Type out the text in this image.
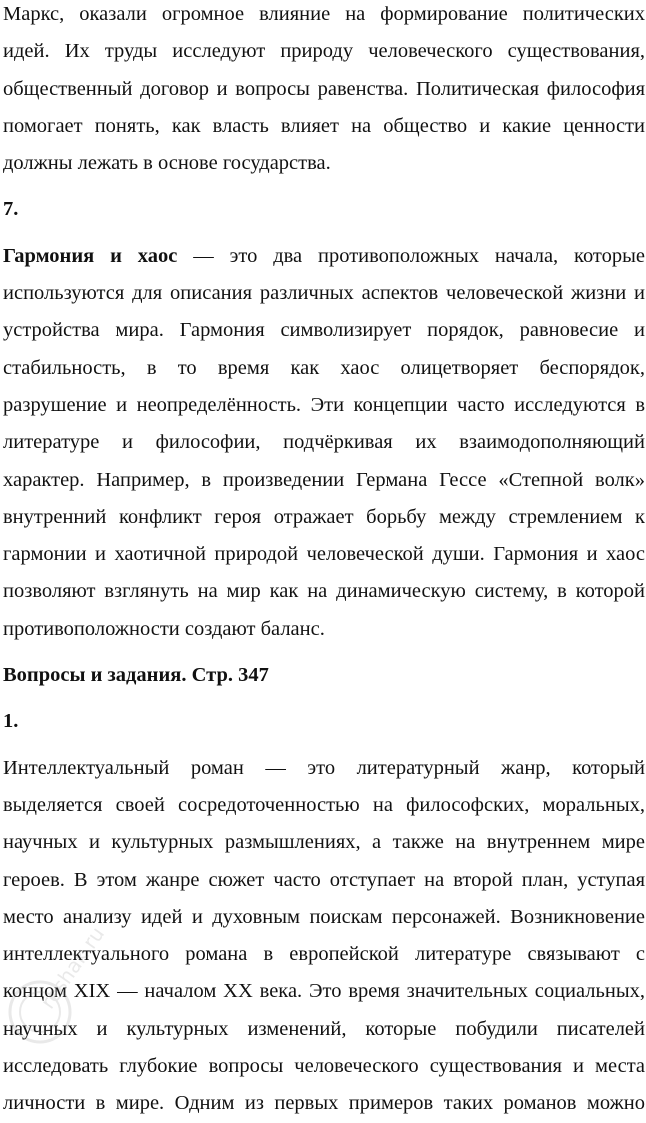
Маркс, оказали огромное влияние на формирование политических
идей. Их труды исследуют природу человеческого существования,
общественный договор и вопросы равенства. Политическая философия
помогает понять, как власть влияет на общество и какие ценности
должны лежать в основе государства.
7.
Гармония и хаос — это два противоположных начала, которые
используются для описания различных аспектов человеческой жизни и
устройства мира. Гармония символизирует порядок, равновесие и
стабильность, в то время как хаос олицетворяет беспорядок,
разрушение и неопределённость. Эти концепции часто исследуются в
литературе и философии, подчёркивая их взаимодополняющий
характер. Например, в произведении Германа Гессе «Степной волк»
внутренний конфликт героя отражает борьбу между стремлением к
гармонии и хаотичной природой человеческой души. Гармония и хаос
позволяют взглянуть на мир как на динамическую систему, в которой
противоположности создают баланс.
Вопросы и задания. Стр. 347
1.
Интеллектуальный роман — это литературный жанр, который
выделяется своей сосредоточенностью на философских, моральных,
научных и культурных размышлениях, а также на внутреннем мире
героев. В этом жанре сюжет часто отступает на второй план, уступая
место анализу идей и духовным поискам персонажей. Возникновение
интеллектуального романа в европейской литературе связывают с
концом XIX — началом XX века. Это время значительных социальных,
научных и культурных изменений, которые побудили писателей
исследовать глубокие вопросы человеческого существования и места
личности в мире. Одним из первых примеров таких романов можно
reshak.ru
